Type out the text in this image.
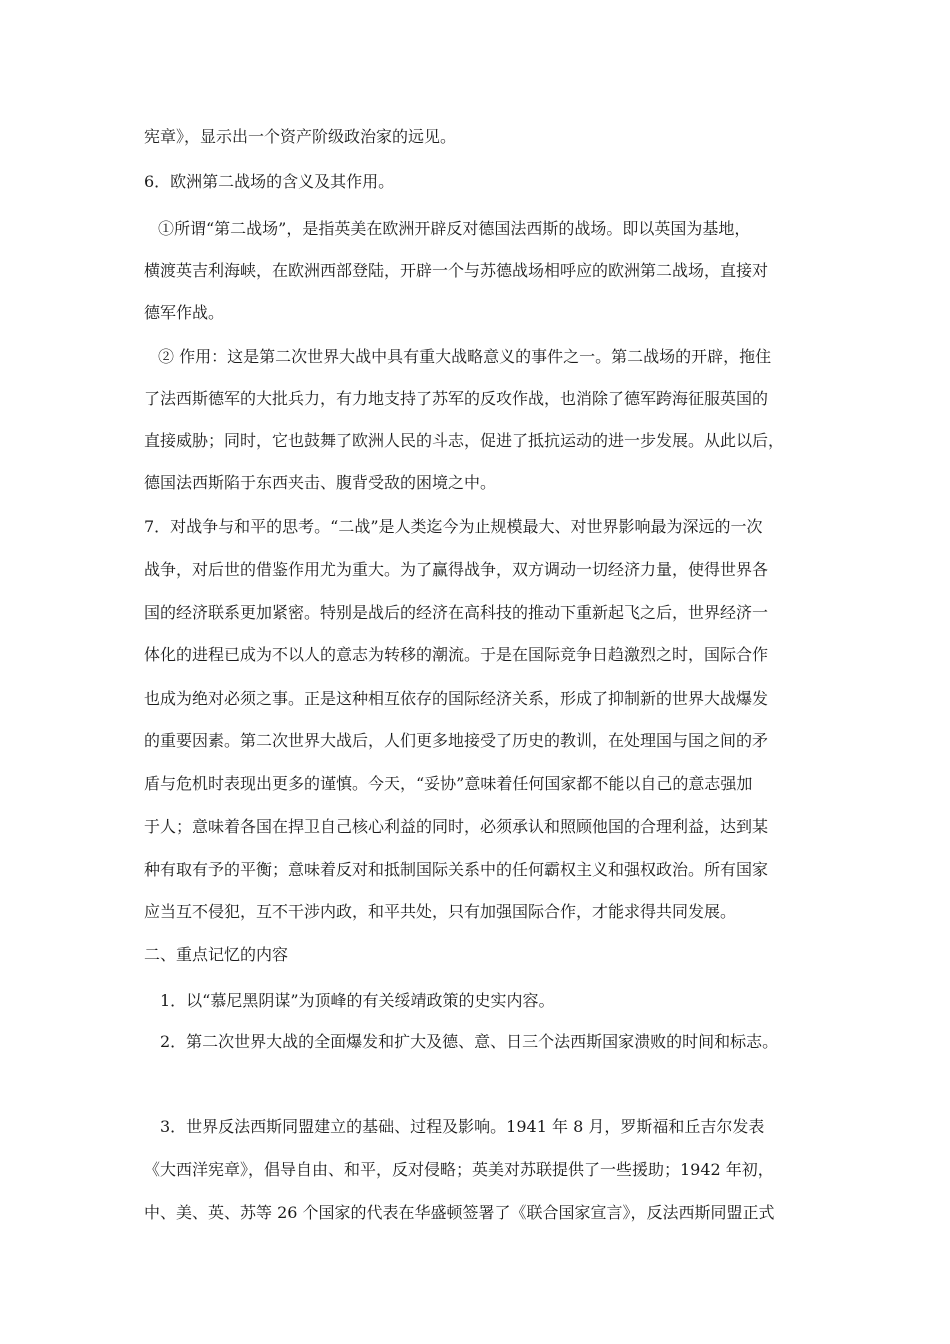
宪章》，显示出一个资产阶级政治家的远见。
6．欧洲第二战场的含义及其作用。
①所谓“第二战场”，是指英美在欧洲开辟反对德国法西斯的战场。即以英国为基地，
横渡英吉利海峡，在欧洲西部登陆，开辟一个与苏德战场相呼应的欧洲第二战场，直接对
德军作战。
② 作用：这是第二次世界大战中具有重大战略意义的事件之一。第二战场的开辟，拖住
了法西斯德军的大批兵力，有力地支持了苏军的反攻作战，也消除了德军跨海征服英国的
直接威胁；同时，它也鼓舞了欧洲人民的斗志，促进了抵抗运动的进一步发展。从此以后，
德国法西斯陷于东西夹击、腹背受敌的困境之中。
7．对战争与和平的思考。“二战”是人类迄今为止规模最大、对世界影响最为深远的一次
战争，对后世的借鉴作用尤为重大。为了赢得战争，双方调动一切经济力量，使得世界各
国的经济联系更加紧密。特别是战后的经济在高科技的推动下重新起飞之后，世界经济一
体化的进程已成为不以人的意志为转移的潮流。于是在国际竞争日趋激烈之时，国际合作
也成为绝对必须之事。正是这种相互依存的国际经济关系，形成了抑制新的世界大战爆发
的重要因素。第二次世界大战后，人们更多地接受了历史的教训，在处理国与国之间的矛
盾与危机时表现出更多的谨慎。今天，“妥协”意味着任何国家都不能以自己的意志强加
于人；意味着各国在捍卫自己核心利益的同时，必须承认和照顾他国的合理利益，达到某
种有取有予的平衡；意味着反对和抵制国际关系中的任何霸权主义和强权政治。所有国家
应当互不侵犯，互不干涉内政，和平共处，只有加强国际合作，才能求得共同发展。
二、重点记忆的内容
1．以“慕尼黑阴谋”为顶峰的有关绥靖政策的史实内容。
2．第二次世界大战的全面爆发和扩大及德、意、日三个法西斯国家溃败的时间和标志。
3．世界反法西斯同盟建立的基础、过程及影响。1941 年 8 月，罗斯福和丘吉尔发表
《大西洋宪章》，倡导自由、和平，反对侵略；英美对苏联提供了一些援助；1942 年初，
中、美、英、苏等 26 个国家的代表在华盛顿签署了《联合国家宣言》，反法西斯同盟正式
